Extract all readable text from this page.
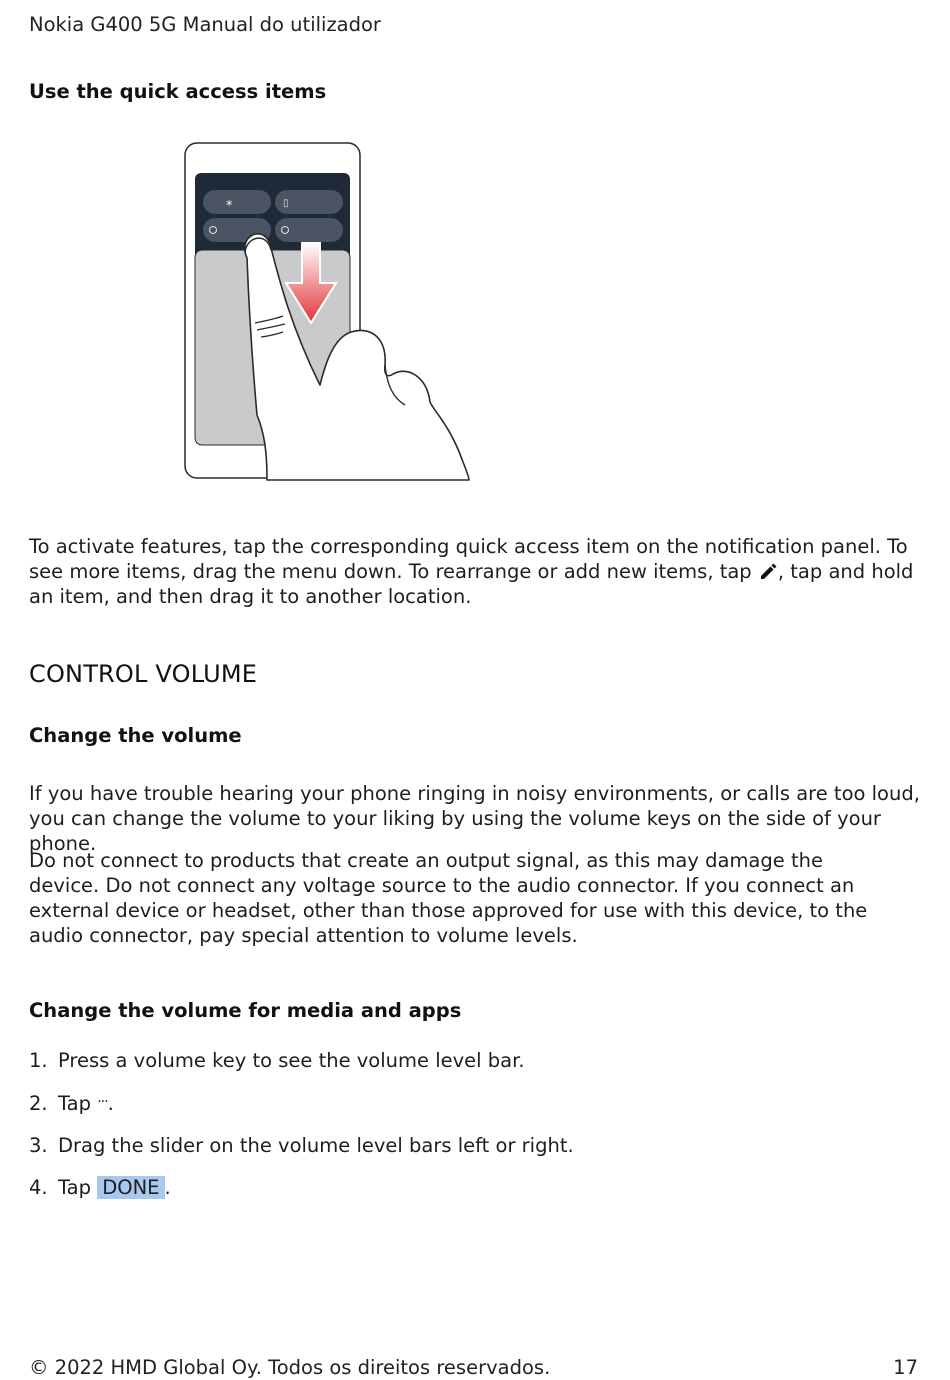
Nokia G400 5G Manual do utilizador
Use the quick access items
∗	▯
To activate features, tap the corresponding quick access item on the notification panel. To see more items, drag the menu down. To rearrange or add new items, tap , tap and hold an item, and then drag it to another location.
CONTROL VOLUME
Change the volume
If you have trouble hearing your phone ringing in noisy environments, or calls are too loud, you can change the volume to your liking by using the volume keys on the side of your phone.
Do not connect to products that create an output signal, as this may damage the device. Do not connect any voltage source to the audio connector. If you connect an external device or headset, other than those approved for use with this device, to the audio connector, pay special attention to volume levels.
Change the volume for media and apps
1. Press a volume key to see the volume level bar.
2. Tap ···.
3. Drag the slider on the volume level bars left or right.
4. Tap DONE .
© 2022 HMD Global Oy. Todos os direitos reservados.	17
